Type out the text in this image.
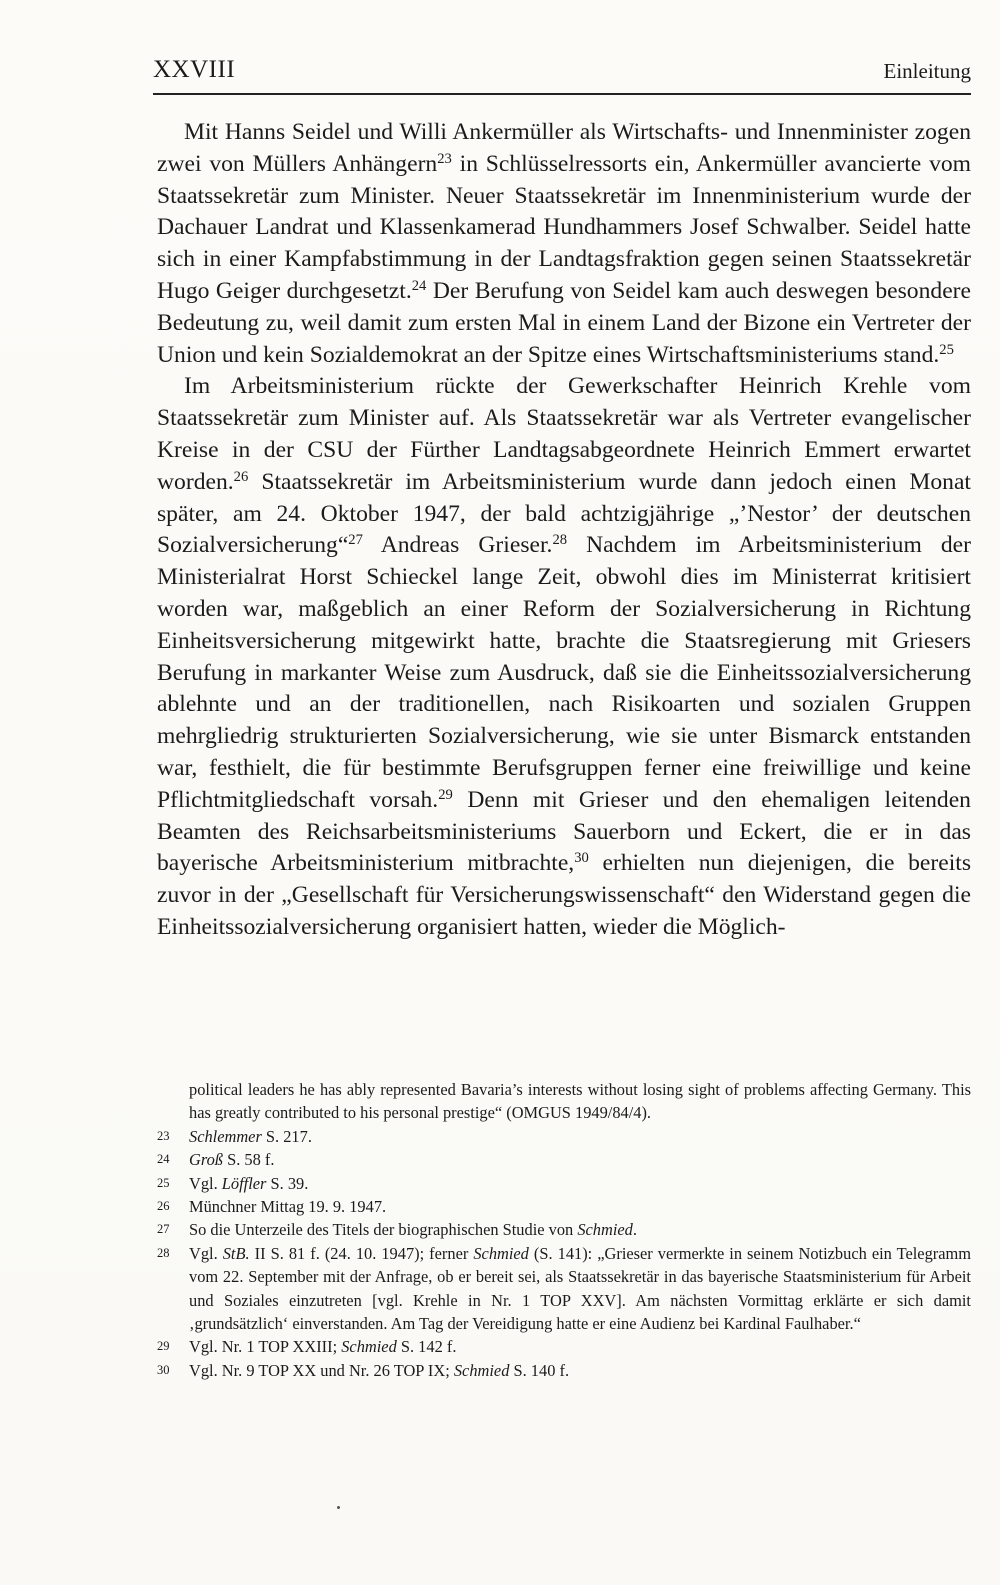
XXVIII	Einleitung

Mit Hanns Seidel und Willi Ankermüller als Wirtschafts- und Innenminister zogen zwei von Müllers Anhängern$^{23}$ in Schlüsselressorts ein, Ankermüller avancierte vom Staatssekretär zum Minister. Neuer Staatssekretär im Innenministerium wurde der Dachauer Landrat und Klassenkamerad Hundhammers Josef Schwalber. Seidel hatte sich in einer Kampfabstimmung in der Landtagsfraktion gegen seinen Staatssekretär Hugo Geiger durchgesetzt.$^{24}$ Der Berufung von Seidel kam auch deswegen besondere Bedeutung zu, weil damit zum ersten Mal in einem Land der Bizone ein Vertreter der Union und kein Sozialdemokrat an der Spitze eines Wirtschaftsministeriums stand.$^{25}$

Im Arbeitsministerium rückte der Gewerkschafter Heinrich Krehle vom Staatssekretär zum Minister auf. Als Staatssekretär war als Vertreter evangelischer Kreise in der CSU der Fürther Landtagsabgeordnete Heinrich Emmert erwartet worden.$^{26}$ Staatssekretär im Arbeitsministerium wurde dann jedoch einen Monat später, am 24. Oktober 1947, der bald achtzigjährige „’Nestor’ der deutschen Sozialversicherung“$^{27}$ Andreas Grieser.$^{28}$ Nachdem im Arbeitsministerium der Ministerialrat Horst Schieckel lange Zeit, obwohl dies im Ministerrat kritisiert worden war, maßgeblich an einer Reform der Sozialversicherung in Richtung Einheitsversicherung mitgewirkt hatte, brachte die Staatsregierung mit Griesers Berufung in markanter Weise zum Ausdruck, daß sie die Einheitssozialversicherung ablehnte und an der traditionellen, nach Risikoarten und sozialen Gruppen mehrgliedrig strukturierten Sozialversicherung, wie sie unter Bismarck entstanden war, festhielt, die für bestimmte Berufsgruppen ferner eine freiwillige und keine Pflichtmitgliedschaft vorsah.$^{29}$ Denn mit Grieser und den ehemaligen leitenden Beamten des Reichsarbeitsministeriums Sauerborn und Eckert, die er in das bayerische Arbeitsministerium mitbrachte,$^{30}$ erhielten nun diejenigen, die bereits zuvor in der „Gesellschaft für Versicherungswissenschaft“ den Widerstand gegen die Einheitssozialversicherung organisiert hatten, wieder die Möglich-

political leaders he has ably represented Bavaria’s interests without losing sight of problems affecting Germany. This has greatly contributed to his personal prestige“ (OMGUS 1949/84/4).
23 Schlemmer S. 217.
24 Groß S. 58 f.
25 Vgl. Löffler S. 39.
26 Münchner Mittag 19. 9. 1947.
27 So die Unterzeile des Titels der biographischen Studie von Schmied.
28 Vgl. StB. II S. 81 f. (24. 10. 1947); ferner Schmied (S. 141): „Grieser vermerkte in seinem Notizbuch ein Telegramm vom 22. September mit der Anfrage, ob er bereit sei, als Staatssekretär in das bayerische Staatsministerium für Arbeit und Soziales einzutreten [vgl. Krehle in Nr. 1 TOP XXV]. Am nächsten Vormittag erklärte er sich damit ‚grundsätzlich‘ einverstanden. Am Tag der Vereidigung hatte er eine Audienz bei Kardinal Faulhaber.“
29 Vgl. Nr. 1 TOP XXIII; Schmied S. 142 f.
30 Vgl. Nr. 9 TOP XX und Nr. 26 TOP IX; Schmied S. 140 f.
